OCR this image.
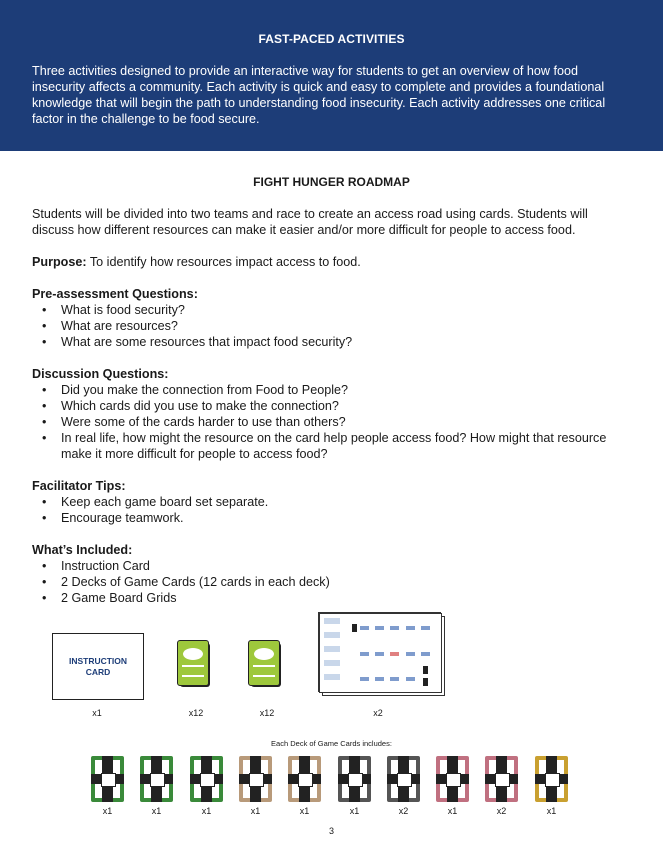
FAST-PACED ACTIVITIES
Three activities designed to provide an interactive way for students to get an overview of how food insecurity affects a community. Each activity is quick and easy to complete and provides a foundational knowledge that will begin the path to understanding food insecurity. Each activity addresses one critical factor in the challenge to be food secure.
FIGHT HUNGER ROADMAP

Students will be divided into two teams and race to create an access road using cards. Students will discuss how different resources can make it easier and/or more difficult for people to access food.

Purpose: To identify how resources impact access to food.

Pre-assessment Questions:
• What is food security?
• What are resources?
• What are some resources that impact food security?
Discussion Questions:
• Did you make the connection from Food to People?
• Which cards did you use to make the connection?
• Were some of the cards harder to use than others?
• In real life, how might the resource on the card help people access food? How might that resource make it more difficult for people to access food?
Facilitator Tips:
• Keep each game board set separate.
• Encourage teamwork.
What’s Included:
• Instruction Card
• 2 Decks of Game Cards (12 cards in each deck)
• 2 Game Board Grids
INSTRUCTION CARD
x1	x12	x12	x2
Each Deck of Game Cards includes:
x1	x1	x1	x1	x1	x1	x2	x1	x2	x1
3
